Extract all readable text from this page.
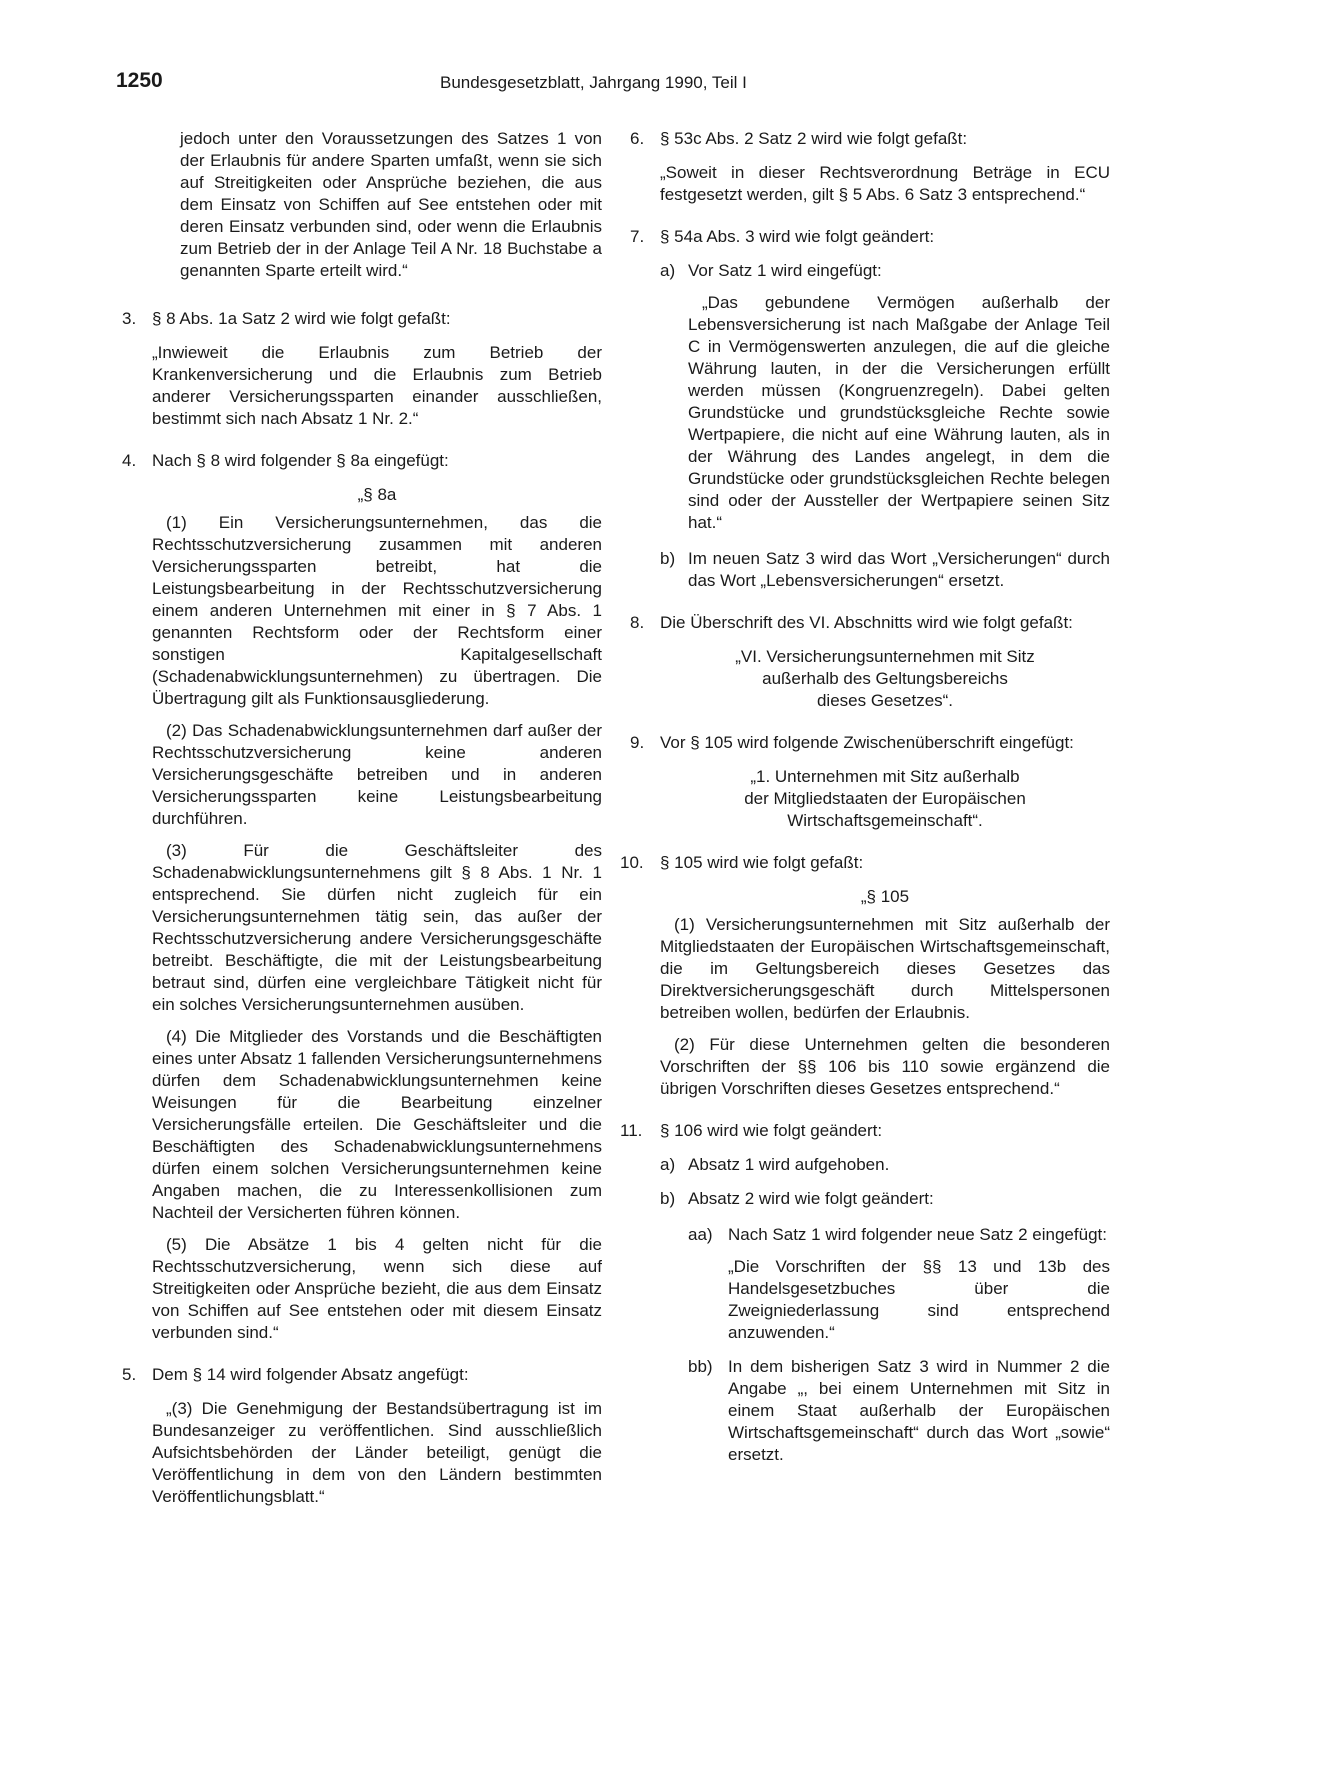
1250	Bundesgesetzblatt, Jahrgang 1990, Teil I

jedoch unter den Voraussetzungen des Satzes 1 von der Erlaubnis für andere Sparten umfaßt, wenn sie sich auf Streitigkeiten oder Ansprüche beziehen, die aus dem Einsatz von Schiffen auf See entstehen oder mit deren Einsatz verbunden sind, oder wenn die Erlaubnis zum Betrieb der in der Anlage Teil A Nr. 18 Buchstabe a genannten Sparte erteilt wird.“

3. § 8 Abs. 1a Satz 2 wird wie folgt gefaßt:

„Inwieweit die Erlaubnis zum Betrieb der Krankenversicherung und die Erlaubnis zum Betrieb anderer Versicherungssparten einander ausschließen, bestimmt sich nach Absatz 1 Nr. 2.“

4. Nach § 8 wird folgender § 8a eingefügt:

„§ 8a

(1) Ein Versicherungsunternehmen, das die Rechtsschutzversicherung zusammen mit anderen Versicherungssparten betreibt, hat die Leistungsbearbeitung in der Rechtsschutzversicherung einem anderen Unternehmen mit einer in § 7 Abs. 1 genannten Rechtsform oder der Rechtsform einer sonstigen Kapitalgesellschaft (Schadenabwicklungsunternehmen) zu übertragen. Die Übertragung gilt als Funktionsausgliederung.

(2) Das Schadenabwicklungsunternehmen darf außer der Rechtsschutzversicherung keine anderen Versicherungsgeschäfte betreiben und in anderen Versicherungssparten keine Leistungsbearbeitung durchführen.

(3) Für die Geschäftsleiter des Schadenabwicklungsunternehmens gilt § 8 Abs. 1 Nr. 1 entsprechend. Sie dürfen nicht zugleich für ein Versicherungsunternehmen tätig sein, das außer der Rechtsschutzversicherung andere Versicherungsgeschäfte betreibt. Beschäftigte, die mit der Leistungsbearbeitung betraut sind, dürfen eine vergleichbare Tätigkeit nicht für ein solches Versicherungsunternehmen ausüben.

(4) Die Mitglieder des Vorstands und die Beschäftigten eines unter Absatz 1 fallenden Versicherungsunternehmens dürfen dem Schadenabwicklungsunternehmen keine Weisungen für die Bearbeitung einzelner Versicherungsfälle erteilen. Die Geschäftsleiter und die Beschäftigten des Schadenabwicklungsunternehmens dürfen einem solchen Versicherungsunternehmen keine Angaben machen, die zu Interessenkollisionen zum Nachteil der Versicherten führen können.

(5) Die Absätze 1 bis 4 gelten nicht für die Rechtsschutzversicherung, wenn sich diese auf Streitigkeiten oder Ansprüche bezieht, die aus dem Einsatz von Schiffen auf See entstehen oder mit diesem Einsatz verbunden sind.“

5. Dem § 14 wird folgender Absatz angefügt:

„(3) Die Genehmigung der Bestandsübertragung ist im Bundesanzeiger zu veröffentlichen. Sind ausschließlich Aufsichtsbehörden der Länder beteiligt, genügt die Veröffentlichung in dem von den Ländern bestimmten Veröffentlichungsblatt.“

6. § 53c Abs. 2 Satz 2 wird wie folgt gefaßt:

„Soweit in dieser Rechtsverordnung Beträge in ECU festgesetzt werden, gilt § 5 Abs. 6 Satz 3 entsprechend.“

7. § 54a Abs. 3 wird wie folgt geändert:

a) Vor Satz 1 wird eingefügt:

„Das gebundene Vermögen außerhalb der Lebensversicherung ist nach Maßgabe der Anlage Teil C in Vermögenswerten anzulegen, die auf die gleiche Währung lauten, in der die Versicherungen erfüllt werden müssen (Kongruenzregeln). Dabei gelten Grundstücke und grundstücksgleiche Rechte sowie Wertpapiere, die nicht auf eine Währung lauten, als in der Währung des Landes angelegt, in dem die Grundstücke oder grundstücksgleichen Rechte belegen sind oder der Aussteller der Wertpapiere seinen Sitz hat.“

b) Im neuen Satz 3 wird das Wort „Versicherungen“ durch das Wort „Lebensversicherungen“ ersetzt.

8. Die Überschrift des VI. Abschnitts wird wie folgt gefaßt:

„VI. Versicherungsunternehmen mit Sitz
außerhalb des Geltungsbereichs
dieses Gesetzes“.
9. Vor § 105 wird folgende Zwischenüberschrift eingefügt:

„1. Unternehmen mit Sitz außerhalb
der Mitgliedstaaten der Europäischen
Wirtschaftsgemeinschaft“.
10. § 105 wird wie folgt gefaßt:

„§ 105

(1) Versicherungsunternehmen mit Sitz außerhalb der Mitgliedstaaten der Europäischen Wirtschaftsgemeinschaft, die im Geltungsbereich dieses Gesetzes das Direktversicherungsgeschäft durch Mittelspersonen betreiben wollen, bedürfen der Erlaubnis.

(2) Für diese Unternehmen gelten die besonderen Vorschriften der §§ 106 bis 110 sowie ergänzend die übrigen Vorschriften dieses Gesetzes entsprechend.“

11. § 106 wird wie folgt geändert:

a) Absatz 1 wird aufgehoben.

b) Absatz 2 wird wie folgt geändert:

aa) Nach Satz 1 wird folgender neue Satz 2 eingefügt:

„Die Vorschriften der §§ 13 und 13b des Handelsgesetzbuches über die Zweigniederlassung sind entsprechend anzuwenden.“

bb) In dem bisherigen Satz 3 wird in Nummer 2 die Angabe „, bei einem Unternehmen mit Sitz in einem Staat außerhalb der Europäischen Wirtschaftsgemeinschaft“ durch das Wort „sowie“ ersetzt.
